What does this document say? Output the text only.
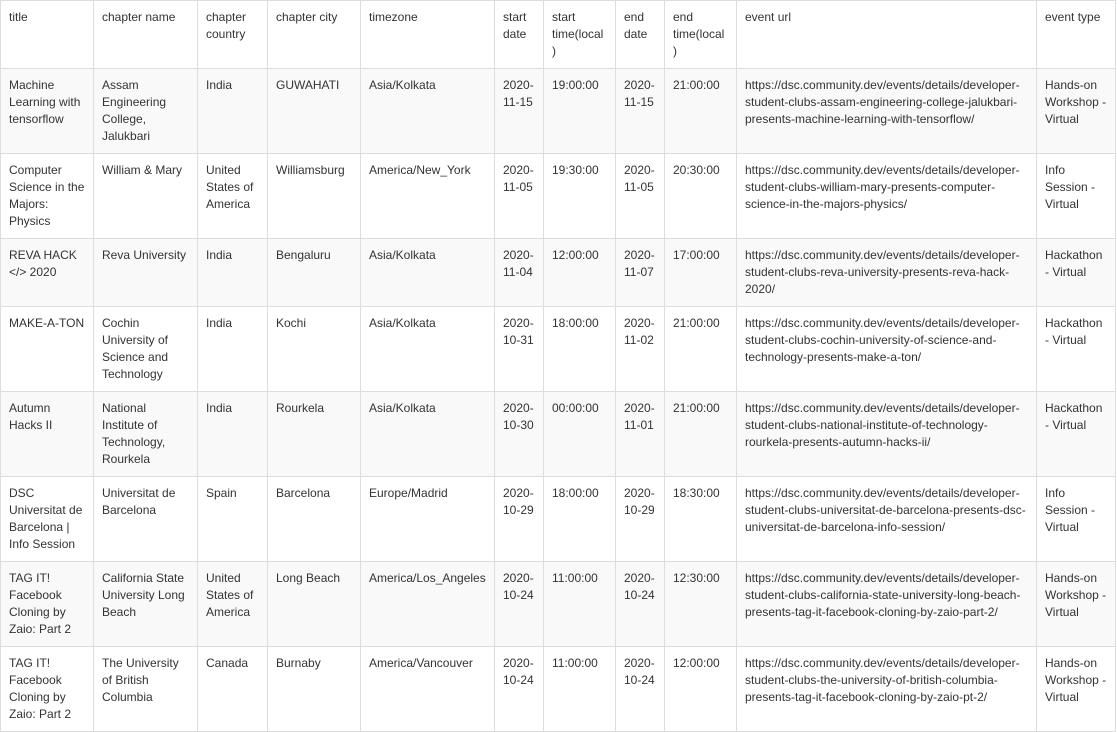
title	chapter name	chapter country	chapter city	timezone	start date	start time(local)	end date	end time(local)	event url	event type
Machine Learning with tensorflow	Assam Engineering College, Jalukbari	India	GUWAHATI	Asia/Kolkata	2020-11-15	19:00:00	2020-11-15	21:00:00	https://dsc.community.dev/events/details/developer-student-clubs-assam-engineering-college-jalukbari-presents-machine-learning-with-tensorflow/	Hands-on Workshop - Virtual
Computer Science in the Majors: Physics	William & Mary	United States of America	Williamsburg	America/New_York	2020-11-05	19:30:00	2020-11-05	20:30:00	https://dsc.community.dev/events/details/developer-student-clubs-william-mary-presents-computer-science-in-the-majors-physics/	Info Session - Virtual
REVA HACK </> 2020	Reva University	India	Bengaluru	Asia/Kolkata	2020-11-04	12:00:00	2020-11-07	17:00:00	https://dsc.community.dev/events/details/developer-student-clubs-reva-university-presents-reva-hack-2020/	Hackathon - Virtual
MAKE-A-TON	Cochin University of Science and Technology	India	Kochi	Asia/Kolkata	2020-10-31	18:00:00	2020-11-02	21:00:00	https://dsc.community.dev/events/details/developer-student-clubs-cochin-university-of-science-and-technology-presents-make-a-ton/	Hackathon - Virtual
Autumn Hacks II	National Institute of Technology, Rourkela	India	Rourkela	Asia/Kolkata	2020-10-30	00:00:00	2020-11-01	21:00:00	https://dsc.community.dev/events/details/developer-student-clubs-national-institute-of-technology-rourkela-presents-autumn-hacks-ii/	Hackathon - Virtual
DSC Universitat de Barcelona | Info Session	Universitat de Barcelona	Spain	Barcelona	Europe/Madrid	2020-10-29	18:00:00	2020-10-29	18:30:00	https://dsc.community.dev/events/details/developer-student-clubs-universitat-de-barcelona-presents-dsc-universitat-de-barcelona-info-session/	Info Session - Virtual
TAG IT! Facebook Cloning by Zaio: Part 2	California State University Long Beach	United States of America	Long Beach	America/Los_Angeles	2020-10-24	11:00:00	2020-10-24	12:30:00	https://dsc.community.dev/events/details/developer-student-clubs-california-state-university-long-beach-presents-tag-it-facebook-cloning-by-zaio-part-2/	Hands-on Workshop - Virtual
TAG IT! Facebook Cloning by Zaio: Part 2	The University of British Columbia	Canada	Burnaby	America/Vancouver	2020-10-24	11:00:00	2020-10-24	12:00:00	https://dsc.community.dev/events/details/developer-student-clubs-the-university-of-british-columbia-presents-tag-it-facebook-cloning-by-zaio-pt-2/	Hands-on Workshop - Virtual
